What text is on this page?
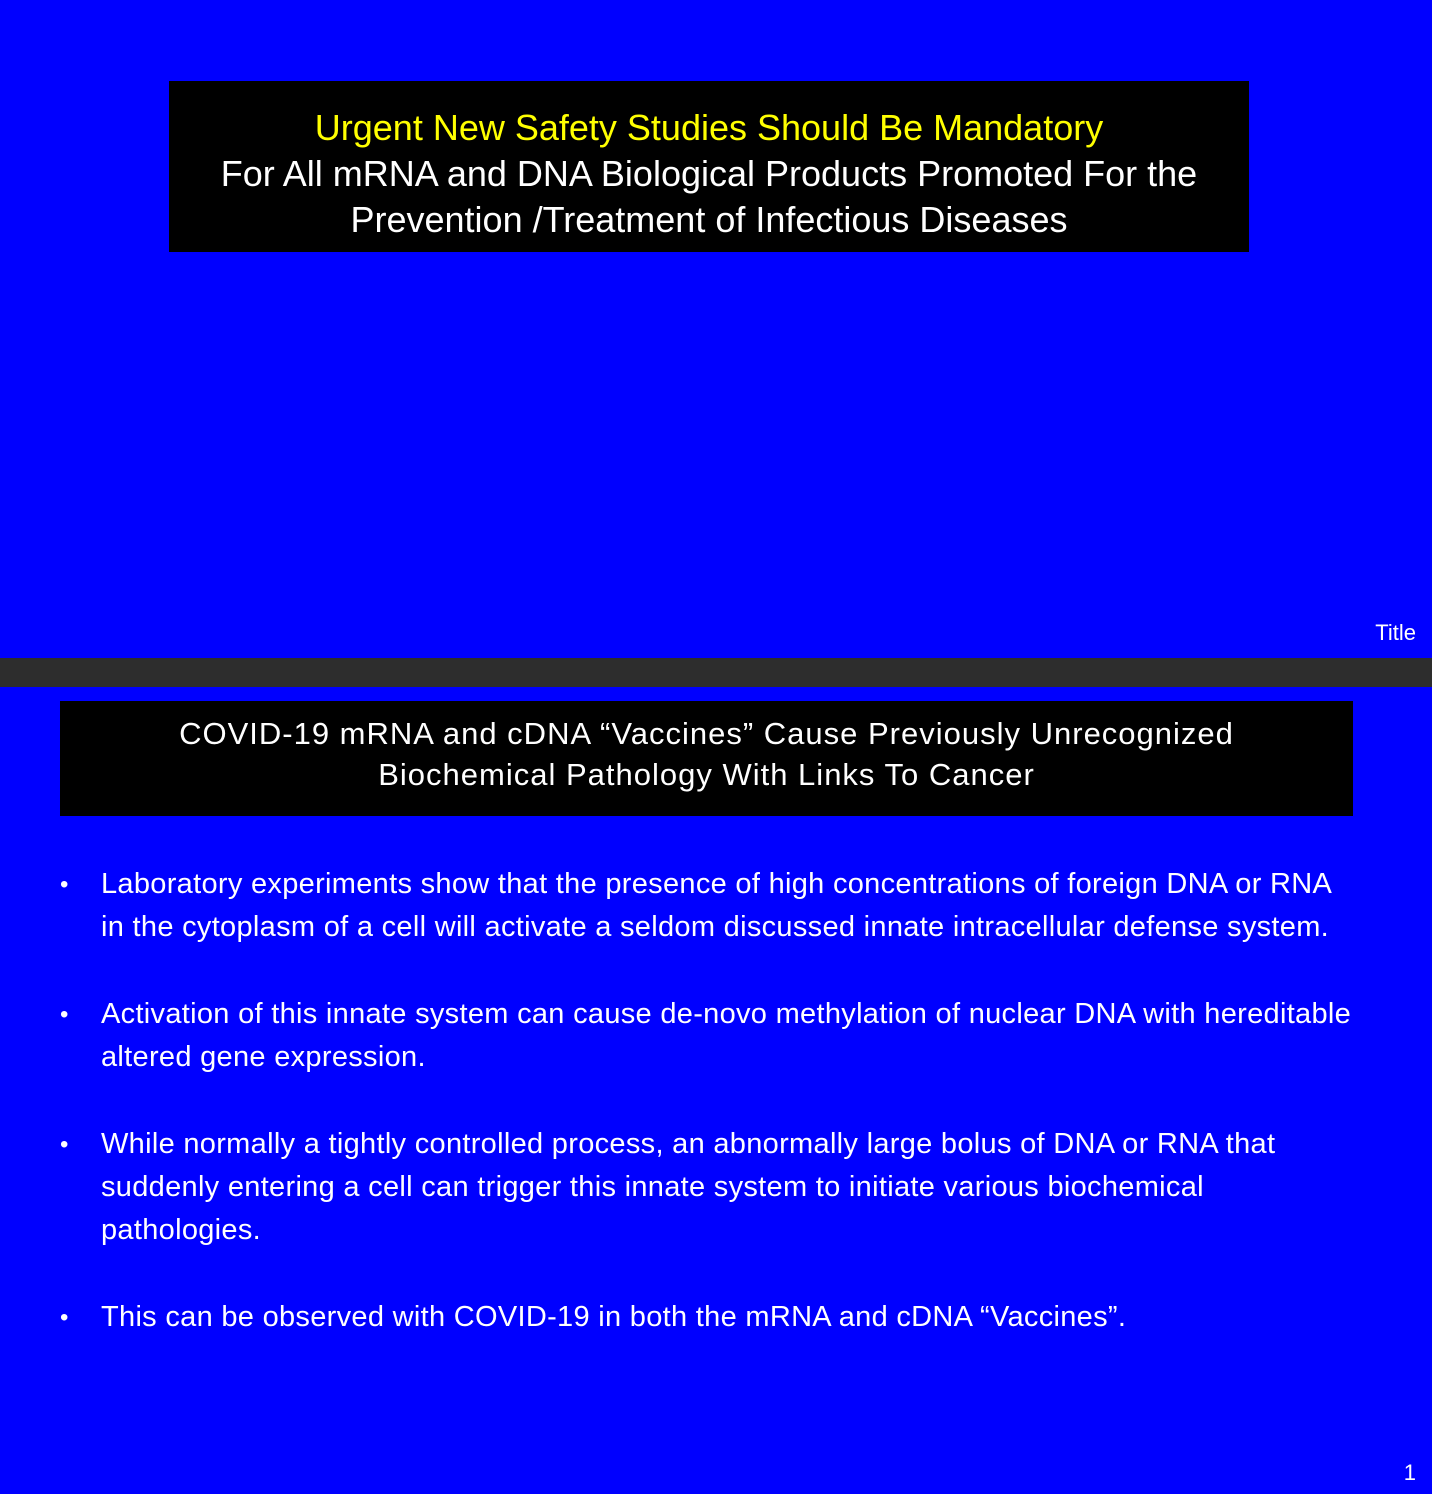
Urgent New Safety Studies Should Be Mandatory
For All mRNA and DNA Biological Products Promoted For the
Prevention /Treatment of Infectious Diseases
Title
COVID-19 mRNA and cDNA “Vaccines” Cause Previously Unrecognized
Biochemical Pathology With Links To Cancer
• Laboratory experiments show that the presence of high concentrations of foreign DNA or RNA in the cytoplasm of a cell will activate a seldom discussed innate intracellular defense system.
• Activation of this innate system can cause de-novo methylation of nuclear DNA with hereditable altered gene expression.
• While normally a tightly controlled process, an abnormally large bolus of DNA or RNA that suddenly entering a cell can trigger this innate system to initiate various biochemical pathologies.
• This can be observed with COVID-19 in both the mRNA and cDNA “Vaccines”.
1
